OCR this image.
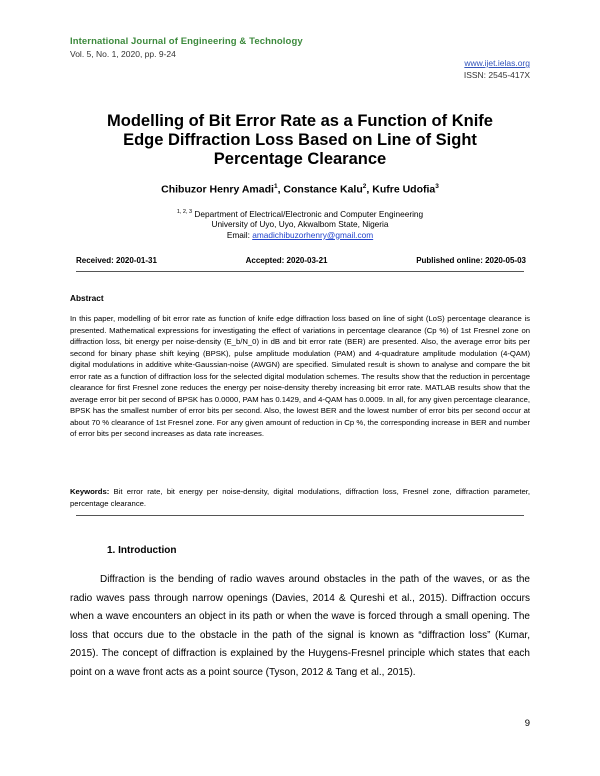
International Journal of Engineering & Technology
Vol. 5, No. 1, 2020, pp. 9-24
www.ijet.ielas.org
ISSN: 2545-417X
Modelling of Bit Error Rate as a Function of Knife
Edge Diffraction Loss Based on Line of Sight
Percentage Clearance
Chibuzor Henry Amadi$^1$, Constance Kalu$^2$, Kufre Udofia$^3$
$^{1, 2, 3}$ Department of Electrical/Electronic and Computer Engineering
University of Uyo, Uyo, Akwalbom State, Nigeria
Email: amadichibuzorhenry@gmail.com
Received: 2020-01-31	Accepted: 2020-03-21	Published online: 2020-05-03
Abstract
In this paper, modelling of bit error rate as function of knife edge diffraction loss based on line of sight (LoS) percentage clearance is presented. Mathematical expressions for investigating the effect of variations in percentage clearance (Cp %) of 1st Fresnel zone on diffraction loss, bit energy per noise-density (E_b/N_0) in dB and bit error rate (BER) are presented. Also, the average error bits per second for binary phase shift keying (BPSK), pulse amplitude modulation (PAM) and 4-quadrature amplitude modulation (4-QAM) digital modulations in additive white-Gaussian-noise (AWGN) are specified. Simulated result is shown to analyse and compare the bit error rate as a function of diffraction loss for the selected digital modulation schemes. The results show that the reduction in percentage clearance for first Fresnel zone reduces the energy per noise-density thereby increasing bit error rate. MATLAB results show that the average error bit per second of BPSK has 0.0000, PAM has 0.1429, and 4-QAM has 0.0009. In all, for any given percentage clearance, BPSK has the smallest number of error bits per second. Also, the lowest BER and the lowest number of error bits per second occur at about 70 % clearance of 1st Fresnel zone. For any given amount of reduction in Cp %, the corresponding increase in BER and number of error bits per second increases as data rate increases.
Keywords: Bit error rate, bit energy per noise-density, digital modulations, diffraction loss, Fresnel zone, diffraction parameter, percentage clearance.
1. Introduction
Diffraction is the bending of radio waves around obstacles in the path of the waves, or as the radio waves pass through narrow openings (Davies, 2014 & Qureshi et al., 2015). Diffraction occurs when a wave encounters an object in its path or when the wave is forced through a small opening. The loss that occurs due to the obstacle in the path of the signal is known as “diffraction loss” (Kumar, 2015). The concept of diffraction is explained by the Huygens-Fresnel principle which states that each point on a wave front acts as a point source (Tyson, 2012 & Tang et al., 2015).
9
